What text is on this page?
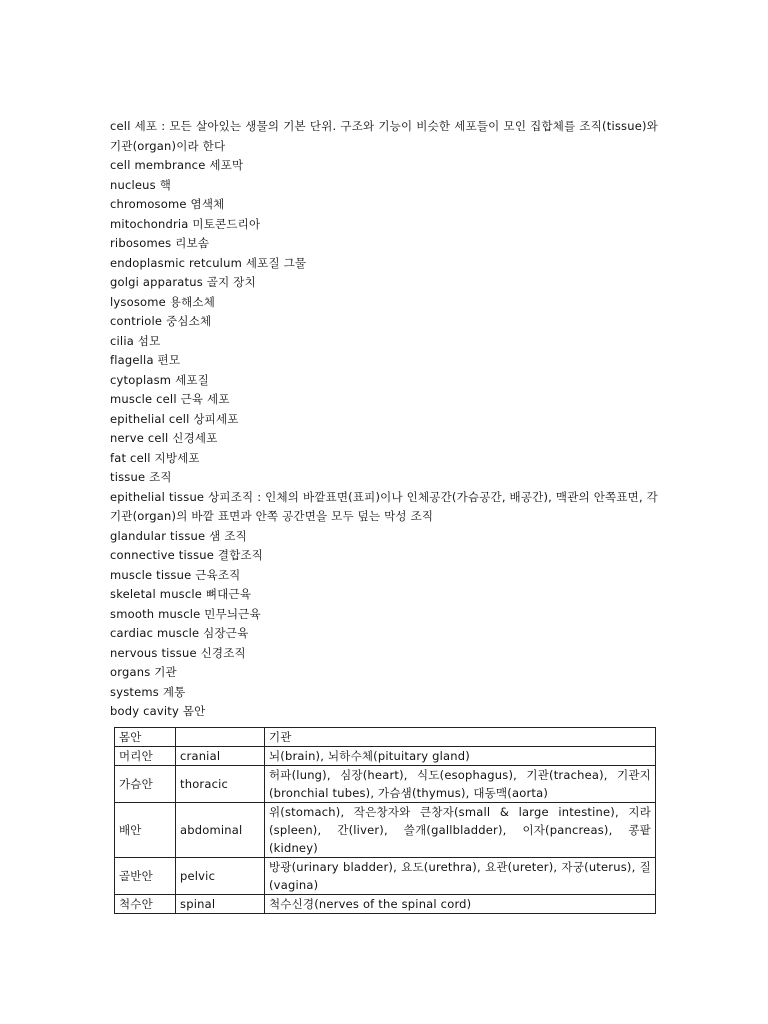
cell 세포 : 모든 살아있는 생물의 기본 단위. 구조와 기능이 비슷한 세포들이 모인 집합체를 조직(tissue)와 기관(organ)이라 한다

cell membrance 세포막
nucleus 핵
chromosome 염색체
mitochondria 미토콘드리아
ribosomes 리보솜
endoplasmic retculum 세포질 그물
golgi apparatus 골지 장치
lysosome 용해소체
contriole 중심소체
cilia 섬모
flagella 편모
cytoplasm 세포질
muscle cell 근육 세포
epithelial cell 상피세포
nerve cell 신경세포
fat cell 지방세포
tissue 조직

epithelial tissue 상피조직 : 인체의 바깥표면(표피)이나 인체공간(가슴공간, 배공간), 맥관의 안쪽표면, 각 기관(organ)의 바깥 표면과 안쪽 공간면을 모두 덮는 막성 조직

glandular tissue 샘 조직
connective tissue 결합조직
muscle tissue 근육조직
skeletal muscle 뼈대근육
smooth muscle 민무늬근육
cardiac muscle 심장근육
nervous tissue 신경조직
organs 기관
systems 계통
body cavity 몸안
몸안		기관
머리안	cranial	뇌(brain), 뇌하수체(pituitary gland)
가슴안	thoracic	허파(lung), 심장(heart), 식도(esophagus), 기관(trachea), 기관지(bronchial tubes), 가슴샘(thymus), 대동맥(aorta)
배안	abdominal	위(stomach), 작은창자와 큰창자(small & large intestine), 지라(spleen), 간(liver), 쓸개(gallbladder), 이자(pancreas), 콩팥(kidney)
골반안	pelvic	방광(urinary bladder), 요도(urethra), 요관(ureter), 자궁(uterus), 질(vagina)
척수안	spinal	척수신경(nerves of the spinal cord)
